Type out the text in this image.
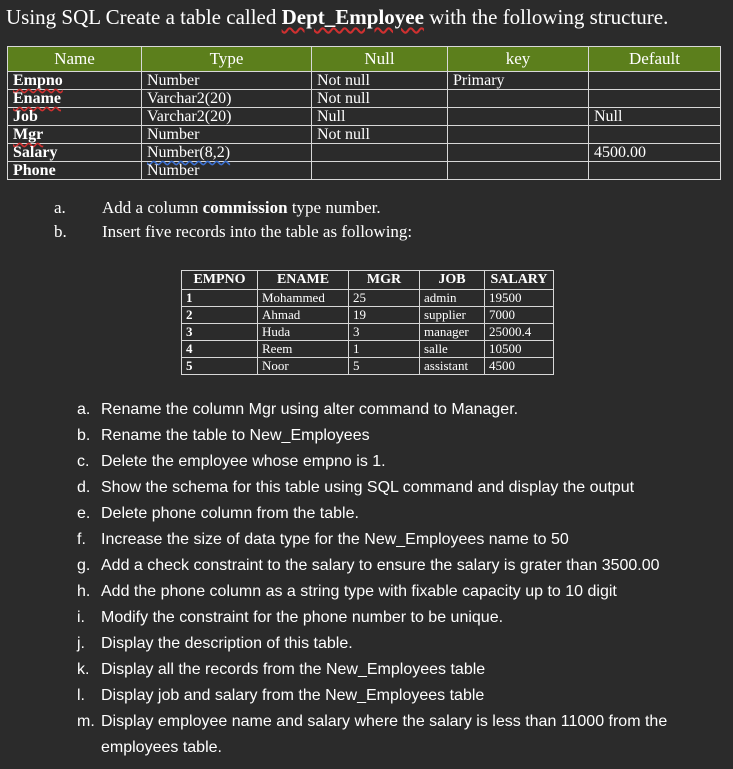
Using SQL Create a table called Dept_Employee with the following structure.
Name	Type	Null	key	Default
Empno	Number	Not null	Primary	
Ename	Varchar2(20)	Not null		
Job	Varchar2(20)	Null		Null
Mgr	Number	Not null		
Salary	Number(8,2)			4500.00
Phone	Number			
a. Add a column commission type number.
b. Insert five records into the table as following:
EMPNO	ENAME	MGR	JOB	SALARY
1	Mohammed	25	admin	19500
2	Ahmad	19	supplier	7000
3	Huda	3	manager	25000.4
4	Reem	1	salle	10500
5	Noor	5	assistant	4500
a. Rename the column Mgr using alter command to Manager.
b. Rename the table to New_Employees
c. Delete the employee whose empno is 1.
d. Show the schema for this table using SQL command and display the output
e. Delete phone column from the table.
f. Increase the size of data type for the New_Employees name to 50
g. Add a check constraint to the salary to ensure the salary is grater than 3500.00
h. Add the phone column as a string type with fixable capacity up to 10 digit
i.	Modify the constraint for the phone number to be unique.
j.	Display the description of this table.
k. Display all the records from the New_Employees table
l.	Display job and salary from the New_Employees table
m. Display employee name and salary where the salary is less than 11000 from the employees table.
